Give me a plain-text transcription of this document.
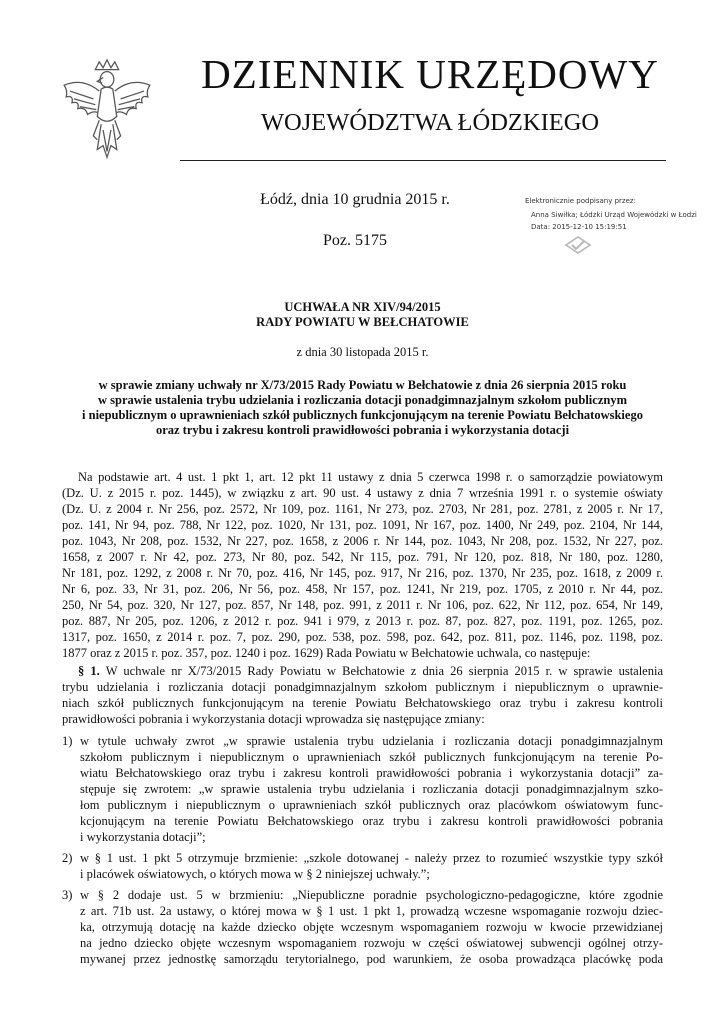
DZIENNIK URZĘDOWY
WOJEWÓDZTWA ŁÓDZKIEGO
Łódź, dnia 10 grudnia 2015 r.
Poz. 5175
Elektronicznie podpisany przez:
Anna Siwiłka; Łódzki Urząd Wojewódzki w Łodzi
Data: 2015-12-10 15:19:51
UCHWAŁA NR XIV/94/2015
RADY POWIATU W BEŁCHATOWIE
z dnia 30 listopada 2015 r.
w sprawie zmiany uchwały nr X/73/2015 Rady Powiatu w Bełchatowie z dnia 26 sierpnia 2015 roku
w sprawie ustalenia trybu udzielania i rozliczania dotacji ponadgimnazjalnym szkołom publicznym
i niepublicznym o uprawnieniach szkół publicznych funkcjonującym na terenie Powiatu Bełchatowskiego
oraz trybu i zakresu kontroli prawidłowości pobrania i wykorzystania dotacji
Na podstawie art. 4 ust. 1 pkt 1, art. 12 pkt 11 ustawy z dnia 5 czerwca 1998 r. o samorządzie powiatowym
(Dz. U. z 2015 r. poz. 1445), w związku z art. 90 ust. 4 ustawy z dnia 7 września 1991 r. o systemie oświaty
(Dz. U. z 2004 r. Nr 256, poz. 2572, Nr 109, poz. 1161, Nr 273, poz. 2703, Nr 281, poz. 2781, z 2005 r. Nr 17,
poz. 141, Nr 94, poz. 788, Nr 122, poz. 1020, Nr 131, poz. 1091, Nr 167, poz. 1400, Nr 249, poz. 2104, Nr 144,
poz. 1043, Nr 208, poz. 1532, Nr 227, poz. 1658, z 2006 r. Nr 144, poz. 1043, Nr 208, poz. 1532, Nr 227, poz.
1658, z 2007 r. Nr 42, poz. 273, Nr 80, poz. 542, Nr 115, poz. 791, Nr 120, poz. 818, Nr 180, poz. 1280,
Nr 181, poz. 1292, z 2008 r. Nr 70, poz. 416, Nr 145, poz. 917, Nr 216, poz. 1370, Nr 235, poz. 1618, z 2009 r.
Nr 6, poz. 33, Nr 31, poz. 206, Nr 56, poz. 458, Nr 157, poz. 1241, Nr 219, poz. 1705, z 2010 r. Nr 44, poz.
250, Nr 54, poz. 320, Nr 127, poz. 857, Nr 148, poz. 991, z 2011 r. Nr 106, poz. 622, Nr 112, poz. 654, Nr 149,
poz. 887, Nr 205, poz. 1206, z 2012 r. poz. 941 i 979, z 2013 r. poz. 87, poz. 827, poz. 1191, poz. 1265, poz.
1317, poz. 1650, z 2014 r. poz. 7, poz. 290, poz. 538, poz. 598, poz. 642, poz. 811, poz. 1146, poz. 1198, poz.
1877 oraz z 2015 r. poz. 357, poz. 1240 i poz. 1629) Rada Powiatu w Bełchatowie uchwala, co następuje:
§ 1. W uchwale nr X/73/2015 Rady Powiatu w Bełchatowie z dnia 26 sierpnia 2015 r. w sprawie ustalenia
trybu udzielania i rozliczania dotacji ponadgimnazjalnym szkołom publicznym i niepublicznym o uprawnie-
niach szkół publicznych funkcjonującym na terenie Powiatu Bełchatowskiego oraz trybu i zakresu kontroli
prawidłowości pobrania i wykorzystania dotacji wprowadza się następujące zmiany:
1) w tytule uchwały zwrot „w sprawie ustalenia trybu udzielania i rozliczania dotacji ponadgimnazjalnym
szkołom publicznym i niepublicznym o uprawnieniach szkół publicznych funkcjonującym na terenie Po-
wiatu Bełchatowskiego oraz trybu i zakresu kontroli prawidłowości pobrania i wykorzystania dotacji” za-
stępuje się zwrotem: „w sprawie ustalenia trybu udzielania i rozliczania dotacji ponadgimnazjalnym szko-
łom publicznym i niepublicznym o uprawnieniach szkół publicznych oraz placówkom oświatowym func-
kcjonującym na terenie Powiatu Bełchatowskiego oraz trybu i zakresu kontroli prawidłowości pobrania
i wykorzystania dotacji”;
2) w § 1 ust. 1 pkt 5 otrzymuje brzmienie: „szkole dotowanej - należy przez to rozumieć wszystkie typy szkół
i placówek oświatowych, o których mowa w § 2 niniejszej uchwały.”;
3) w § 2 dodaje ust. 5 w brzmieniu: „Niepubliczne poradnie psychologiczno-pedagogiczne, które zgodnie
z art. 71b ust. 2a ustawy, o której mowa w § 1 ust. 1 pkt 1, prowadzą wczesne wspomaganie rozwoju dziec-
ka, otrzymują dotację na każde dziecko objęte wczesnym wspomaganiem rozwoju w kwocie przewidzianej
na jedno dziecko objęte wczesnym wspomaganiem rozwoju w części oświatowej subwencji ogólnej otrzy-
mywanej przez jednostkę samorządu terytorialnego, pod warunkiem, że osoba prowadząca placówkę poda
